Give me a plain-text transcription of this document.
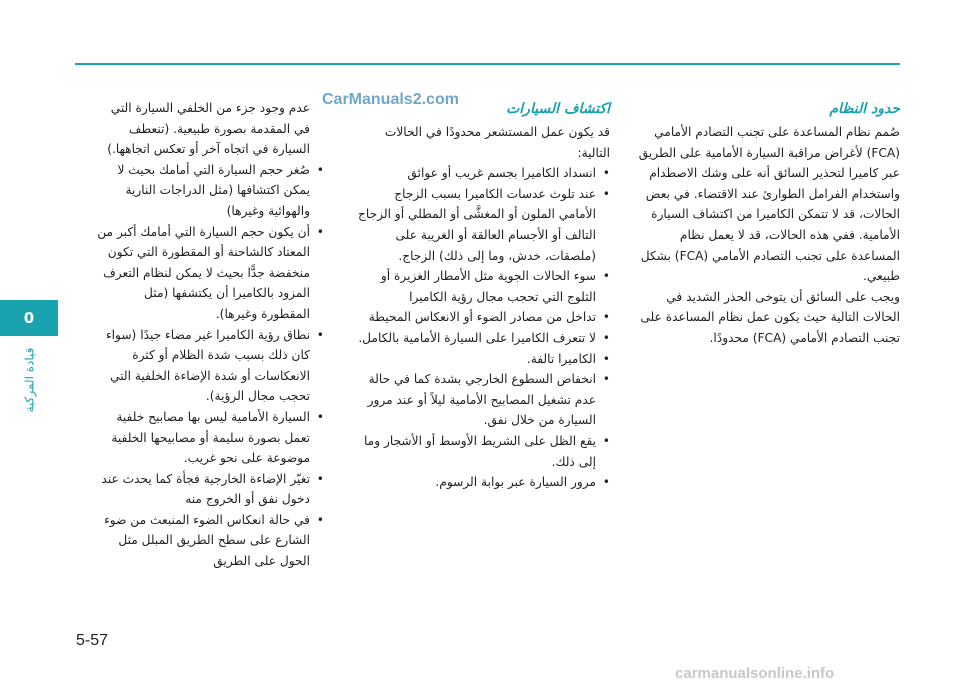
CarManuals2.com
0
قيادة المركبة
حدود النظام

صُمم نظام المساعدة على تجنب التصادم الأمامي (FCA) لأغراض مراقبة السيارة الأمامية على الطريق عبر كاميرا لتحذير السائق أنه على وشك الاصطدام واستخدام الفرامل الطوارئ عند الاقتضاء. في بعض الحالات، قد لا تتمكن الكاميرا من اكتشاف السيارة الأمامية. ففي هذه الحالات، قد لا يعمل نظام المساعدة على تجنب التصادم الأمامي (FCA) بشكل طبيعي.

ويجب على السائق أن يتوخى الحذر الشديد في الحالات التالية حيث يكون عمل نظام المساعدة على تجنب التصادم الأمامي (FCA) محدودًا.

اكتشاف السيارات

قد يكون عمل المستشعر محدودًا في الحالات التالية:

• انسداد الكاميرا بجسم غريب أو عوائق
• عند تلوث عدسات الكاميرا بسبب الزجاج الأمامي الملون أو المغشَّى أو المطلي أو الزجاج التالف أو الأجسام العالقة أو الغريبة على (ملصقات، خدش، وما إلى ذلك) الزجاج.
• سوء الحالات الجوية مثل الأمطار الغزيرة أو الثلوج التي تحجب مجال رؤية الكاميرا
• تداخل من مصادر الضوء أو الانعكاس المحيطة
• لا تتعرف الكاميرا على السيارة الأمامية بالكامل.
• الكاميرا تالفة.
• انخفاض السطوع الخارجي بشدة كما في حالة عدم تشغيل المصابيح الأمامية ليلاً أو عند مرور السيارة من خلال نفق.
• يقع الظل على الشريط الأوسط أو الأشجار وما إلى ذلك.
• مرور السيارة عبر بوابة الرسوم.
عدم وجود جزء من الخلفي السيارة التي في المقدمة بصورة طبيعية. (تنعطف السيارة في اتجاه آخر أو تعكس اتجاهها.)
• صُغر حجم السيارة التي أمامك بحيث لا يمكن اكتشافها (مثل الدراجات النارية والهوائية وغيرها)
• أن يكون حجم السيارة التي أمامك أكبر من المعتاد كالشاحنة أو المقطورة التي تكون منخفضة جدًّا بحيث لا يمكن لنظام التعرف المزود بالكاميرا أن يكتشفها (مثل المقطورة وغيرها).
• نطاق رؤية الكاميرا غير مضاء جيدًا (سواء كان ذلك بسبب شدة الظلام أو كثرة الانعكاسات أو شدة الإضاءة الخلفية التي تحجب مجال الرؤية).
• السيارة الأمامية ليس بها مصابيح خلفية تعمل بصورة سليمة أو مصابيحها الخلفية موضوعة على نحو غريب.
• تغيّر الإضاءة الخارجية فجأة كما يحدث عند دخول نفق أو الخروج منه
• في حالة انعكاس الضوء المنبعث من ضوء الشارع على سطح الطريق المبلل مثل الحول على الطريق
5-57
carmanualsonline.info
